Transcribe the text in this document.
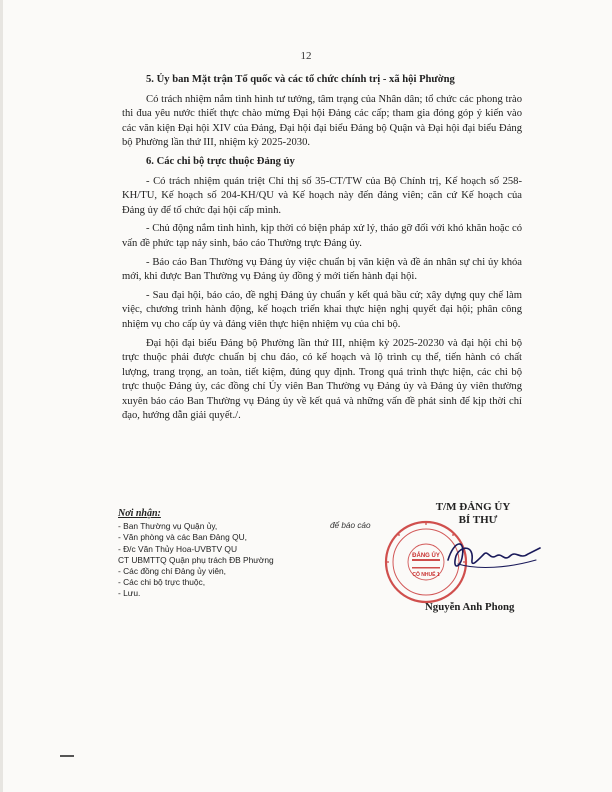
12
5. Ủy ban Mặt trận Tổ quốc và các tổ chức chính trị - xã hội Phường

Có trách nhiệm nắm tình hình tư tưởng, tâm trạng của Nhân dân; tổ chức các phong trào thi đua yêu nước thiết thực chào mừng Đại hội Đảng các cấp; tham gia đóng góp ý kiến vào các văn kiện Đại hội XIV của Đảng, Đại hội đại biểu Đảng bộ Quận và Đại hội đại biểu Đảng bộ Phường lần thứ III, nhiệm kỳ 2025-2030.

6. Các chi bộ trực thuộc Đảng ủy

- Có trách nhiệm quán triệt Chỉ thị số 35-CT/TW của Bộ Chính trị, Kế hoạch số 258-KH/TU, Kế hoạch số 204-KH/QU và Kế hoạch này đến đảng viên; căn cứ Kế hoạch của Đảng ủy để tổ chức đại hội cấp mình.

- Chủ động nắm tình hình, kịp thời có biện pháp xử lý, tháo gỡ đối với khó khăn hoặc có vấn đề phức tạp nảy sinh, báo cáo Thường trực Đảng ủy.

- Báo cáo Ban Thường vụ Đảng ủy việc chuẩn bị văn kiện và đề án nhân sự chi ủy khóa mới, khi được Ban Thường vụ Đảng ủy đồng ý mới tiến hành đại hội.

- Sau đại hội, báo cáo, đề nghị Đảng ủy chuẩn y kết quả bầu cử; xây dựng quy chế làm việc, chương trình hành động, kế hoạch triển khai thực hiện nghị quyết đại hội; phân công nhiệm vụ cho cấp ủy và đảng viên thực hiện nhiệm vụ của chi bộ.

Đại hội đại biểu Đảng bộ Phường lần thứ III, nhiệm kỳ 2025-20230 và đại hội chi bộ trực thuộc phải được chuẩn bị chu đáo, có kế hoạch và lộ trình cụ thể, tiến hành có chất lượng, trang trọng, an toàn, tiết kiệm, đúng quy định. Trong quá trình thực hiện, các chi bộ trực thuộc Đảng ủy, các đồng chí Ủy viên Ban Thường vụ Đảng ủy và Đảng ủy viên thường xuyên báo cáo Ban Thường vụ Đảng ủy về kết quả và những vấn đề phát sinh để kịp thời chỉ đạo, hướng dẫn giải quyết./.

Nơi nhận:
- Ban Thường vụ Quận ủy,
- Văn phòng và các Ban Đảng QU,
- Đ/c Văn Thủy Hoa-UVBTV QU
CT UBMTTQ Quận phụ trách ĐB Phường
- Các đồng chí Đảng ủy viên,
- Các chi bộ trực thuộc,
- Lưu.
để báo cáo
T/M ĐẢNG ỦY
BÍ THƯ
ĐẢNG ỦY
CÔ NHUẾ 1
Nguyễn Anh Phong
